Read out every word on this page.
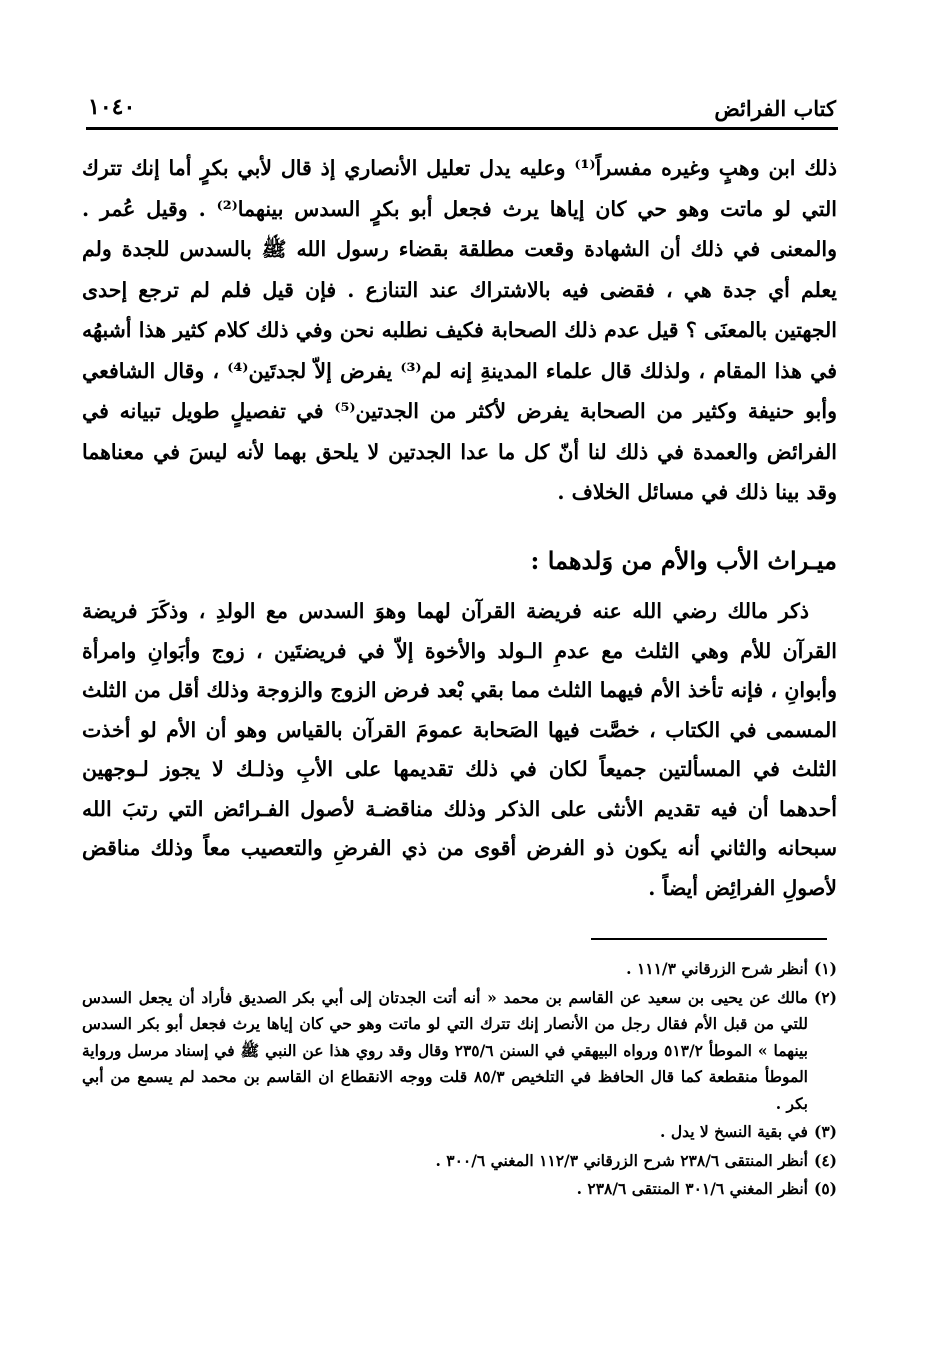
كتاب الفرائض
١٠٤٠

ذلك ابن وهبٍ وغيره مفسراً⁽¹⁾ وعليه يدل تعليل الأنصاري إذ قال لأبي بكرٍ أما إنك تترك التي لو ماتت وهو حي كان إياها يرث فجعل أبو بكرٍ السدس بينهما⁽²⁾ . وقيل عُمر . والمعنى في ذلك أن الشهادة وقعت مطلقة بقضاء رسول الله ﷺ بالسدس للجدة ولم يعلم أي جدة هي ، فقضى فيه بالاشتراك عند التنازع . فإن قيل فلم لم ترجع إحدى الجهتين بالمعنَى ؟ قيل عدم ذلك الصحابة فكيف نطلبه نحن وفي ذلك كلام كثير هذا أشبهُه في هذا المقام ، ولذلك قال علماء المدينةِ إنه لم⁽³⁾ يفرض إلاّ لجدتَين⁽⁴⁾ ، وقال الشافعي وأبو حنيفة وكثير من الصحابة يفرض لأكثر من الجدتين⁽⁵⁾ في تفصيلٍ طويل تبيانه في الفرائض والعمدة في ذلك لنا أنّ كل ما عدا الجدتين لا يلحق بهما لأنه ليسَ في معناهما وقد بينا ذلك في مسائل الخلاف .

ميـراث الأب والأم من وَلدهما :

ذكر مالك رضي الله عنه فريضة القرآن لهما وهوَ السدس مع الولدِ ، وذكَرَ فريضة القرآن للأم وهي الثلث مع عدمِ الـولد والأخوة إلاّ في فريضتَين ، زوج وأبَوانِ وامرأة وأبوانِ ، فإنه تأخذ الأم فيهما الثلث مما بقي بْعد فرض الزوج والزوجة وذلك أقل من الثلث المسمى في الكتاب ، خصَّت فيها الصَحابة عمومَ القرآن بالقياس وهو أن الأم لو أخذت الثلث في المسألتين جميعاً لكان في ذلك تقديمها على الأبِ وذلـك لا يجوز لـوجهين أحدهما أن فيه تقديم الأنثى على الذكر وذلك مناقضـة لأصول الفـرائض التي رتبَ الله سبحانه والثاني أنه يكون ذو الفرض أقوى من ذي الفرضِ والتعصيب معاً وذلك مناقض لأصولِ الفرائِض أيضاً .

(١)
أنظر شرح الزرقاني ١١١/٣ .
(٢)
مالك عن يحيى بن سعيد عن القاسم بن محمد « أنه أتت الجدتان إلى أبي بكر الصديق فأراد أن يجعل السدس للتي من قبل الأم فقال رجل من الأنصار إنك تترك التي لو ماتت وهو حي كان إياها يرث فجعل أبو بكر السدس بينهما » الموطأ ٥١٣/٢ ورواه البيهقي في السنن ٢٣٥/٦ وقال وقد روي هذا عن النبي ﷺ في إسناد مرسل ورواية الموطأ منقطعة كما قال الحافظ في التلخيص ٨٥/٣ قلت ووجه الانقطاع ان القاسم بن محمد لم يسمع من أبي بكر .
(٣)
في بقية النسخ لا يدل .
(٤)
أنظر المنتقى ٢٣٨/٦ شرح الزرقاني ١١٢/٣ المغني ٣٠٠/٦ .
(٥)
أنظر المغني ٣٠١/٦ المنتقى ٢٣٨/٦ .
